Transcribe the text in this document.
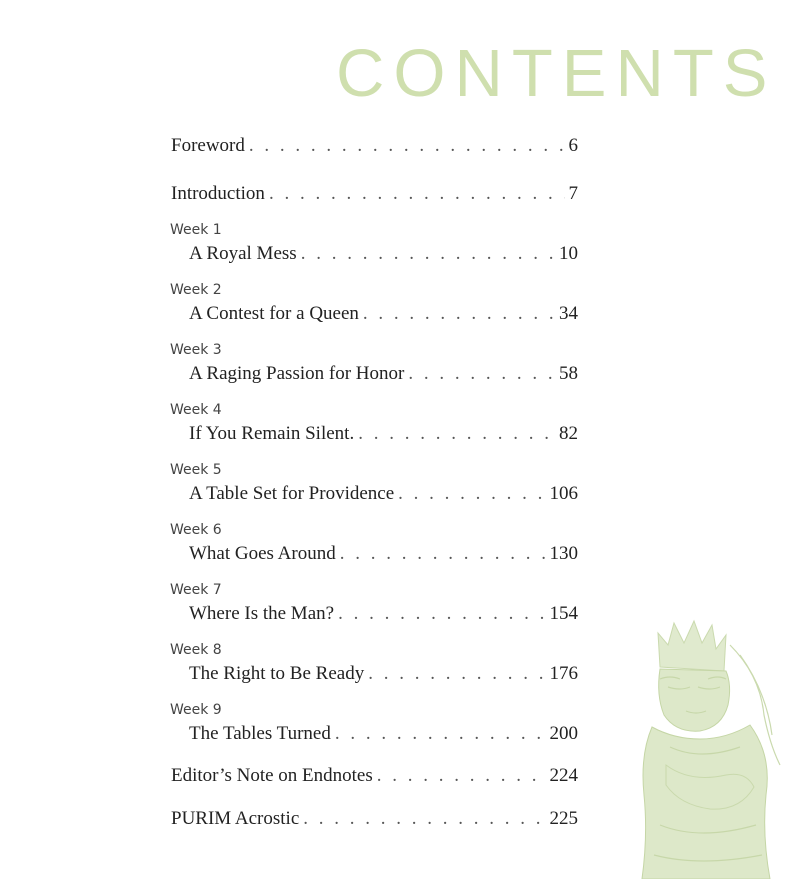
CONTENTS
Foreword . . .	6
Introduction . . .	7
Week 1
A Royal Mess . . .	10
Week 2
A Contest for a Queen . . .	34
Week 3
A Raging Passion for Honor . . .	58
Week 4
If You Remain Silent. . . .	82
Week 5
A Table Set for Providence . . .	106
Week 6
What Goes Around . . .	130
Week 7
Where Is the Man? . . .	154
Week 8
The Right to Be Ready . . .	176
Week 9
The Tables Turned . . .	200
Editor’s Note on Endnotes . . .	224
PURIM Acrostic . . .	225
